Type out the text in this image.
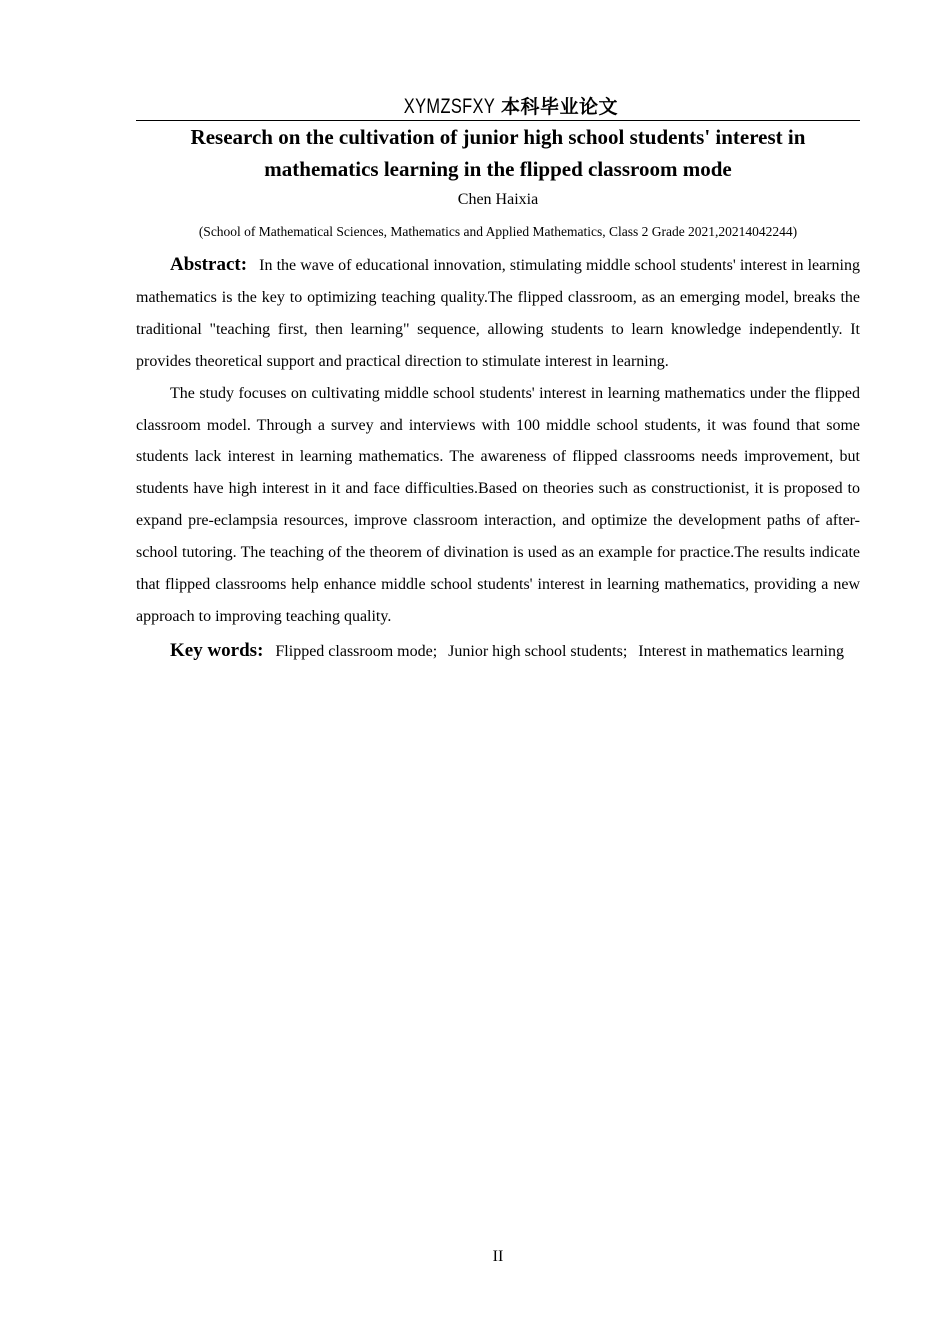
XYMZSFXY 本科毕业论文
Research on the cultivation of junior high school students' interest in
mathematics learning in the flipped classroom mode
Chen Haixia
(School of Mathematical Sciences, Mathematics and Applied Mathematics, Class 2 Grade 2021,20214042244)

Abstract: In the wave of educational innovation, stimulating middle school students' interest in learning mathematics is the key to optimizing teaching quality.The flipped classroom, as an emerging model, breaks the traditional "teaching first, then learning" sequence, allowing students to learn knowledge independently. It provides theoretical support and practical direction to stimulate interest in learning.

The study focuses on cultivating middle school students' interest in learning mathematics under the flipped classroom model. Through a survey and interviews with 100 middle school students, it was found that some students lack interest in learning mathematics. The awareness of flipped classrooms needs improvement, but students have high interest in it and face difficulties.Based on theories such as constructionist, it is proposed to expand pre-eclampsia resources, improve classroom interaction, and optimize the development paths of after-school tutoring. The teaching of the theorem of divination is used as an example for practice.The results indicate that flipped classrooms help enhance middle school students' interest in learning mathematics, providing a new approach to improving teaching quality.

Key words: Flipped classroom mode; Junior high school students; Interest in mathematics learning

II
